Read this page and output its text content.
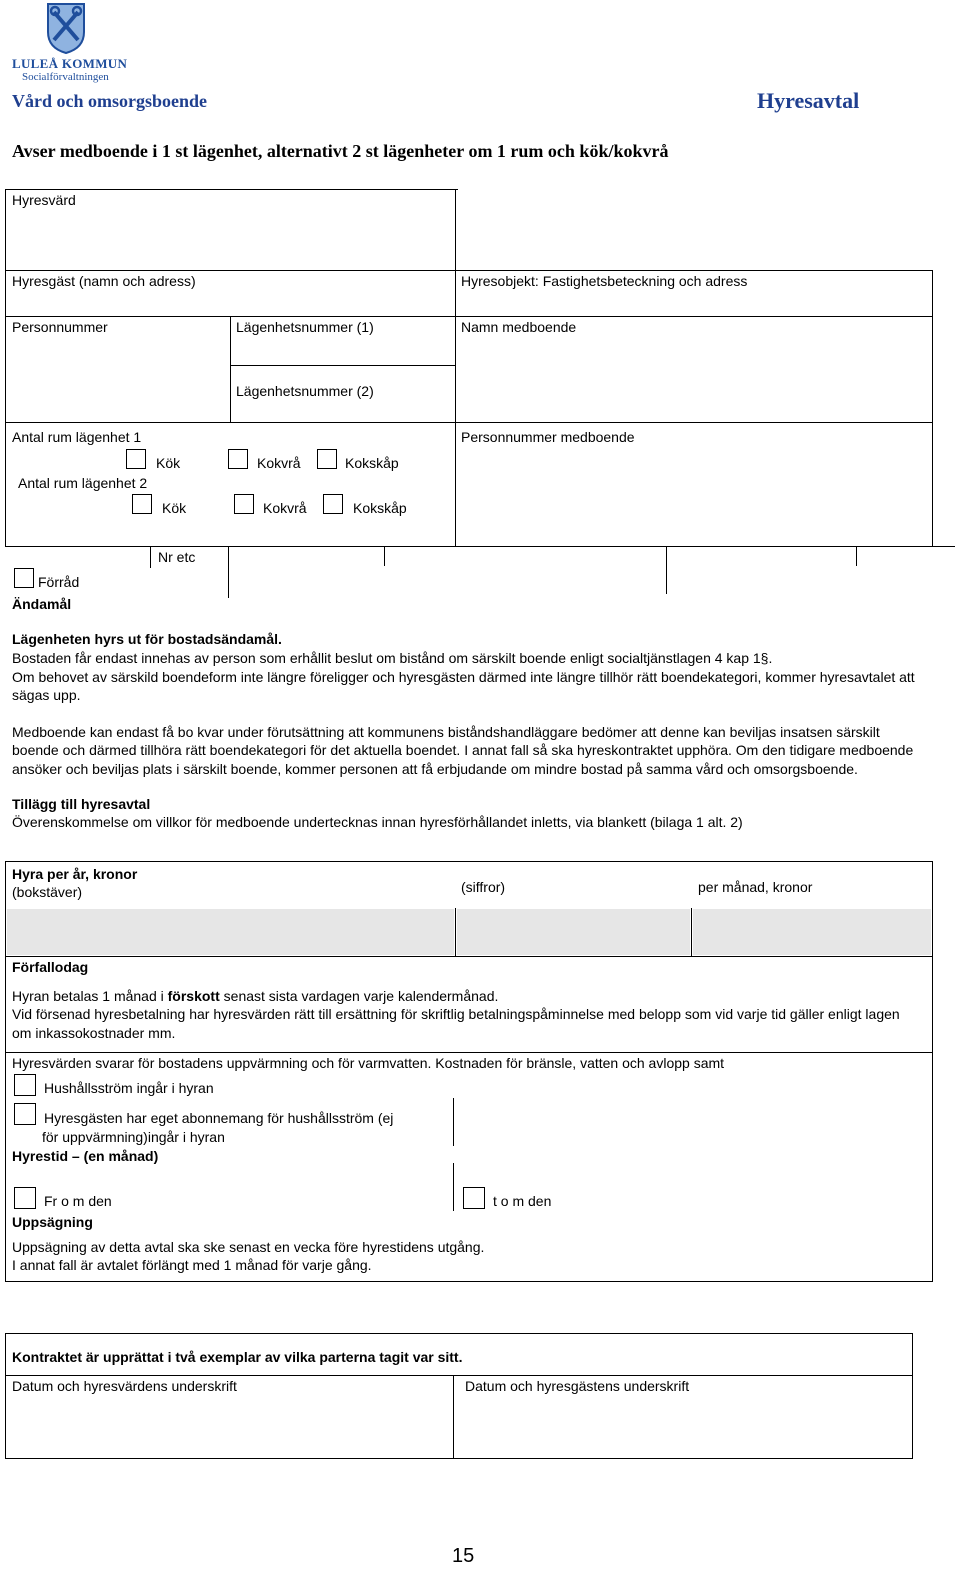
LULEÅ KOMMUN
Socialförvaltningen
Vård och omsorgsboende	Hyresavtal
Avser medboende i 1 st lägenhet, alternativt 2 st lägenheter om 1 rum och kök/kokvrå
Hyresvärd
Hyresgäst (namn och adress)	Hyresobjekt: Fastighetsbeteckning och adress
Personnummer	Lägenhetsnummer (1)	Namn medboende
Lägenhetsnummer (2)
Antal rum lägenhet 1
Kök	Kokvrå	Kokskåp
Personnummer medboende
Antal rum lägenhet 2
Kök	Kokvrå	Kokskåp
Nr etc
Förråd
Ändamål
Lägenheten hyrs ut för bostadsändamål.

Bostaden får endast innehas av person som erhållit beslut om bistånd om särskilt boende enligt socialtjänstlagen 4 kap 1§.

Om behovet av särskild boendeform inte längre föreligger och hyresgästen därmed inte längre tillhör rätt boendekategori, kommer hyresavtalet att sägas upp.

Medboende kan endast få bo kvar under förutsättning att kommunens biståndshandläggare bedömer att denne kan beviljas insatsen särskilt boende och därmed tillhöra rätt boendekategori för det aktuella boendet. I annat fall så ska hyreskontraktet upphöra. Om den tidigare medboende ansöker och beviljas plats i särskilt boende, kommer personen att få erbjudande om mindre bostad på samma vård och omsorgsboende.

Tillägg till hyresavtal
Överenskommelse om villkor för medboende undertecknas innan hyresförhållandet inletts, via blankett (bilaga 1 alt. 2)
Hyra per år, kronor
(bokstäver)	(siffror)	per månad, kronor
Förfallodag
Hyran betalas 1 månad i förskott senast sista vardagen varje kalendermånad.
Vid försenad hyresbetalning har hyresvärden rätt till ersättning för skriftlig betalningspåminnelse med belopp som vid varje tid gäller enligt lagen om inkassokostnader mm.
Hyresvärden svarar för bostadens uppvärmning och för varmvatten. Kostnaden för bränsle, vatten och avlopp samt
Hushållsström ingår i hyran
Hyresgästen har eget abonnemang för hushållsström (ej
för uppvärmning)ingår i hyran
Hyrestid – (en månad)
Fr o m den	t o m den
Uppsägning
Uppsägning av detta avtal ska ske senast en vecka före hyrestidens utgång.
I annat fall är avtalet förlängt med 1 månad för varje gång.
Kontraktet är upprättat i två exemplar av vilka parterna tagit var sitt.
Datum och hyresvärdens underskrift	Datum och hyresgästens underskrift
15
